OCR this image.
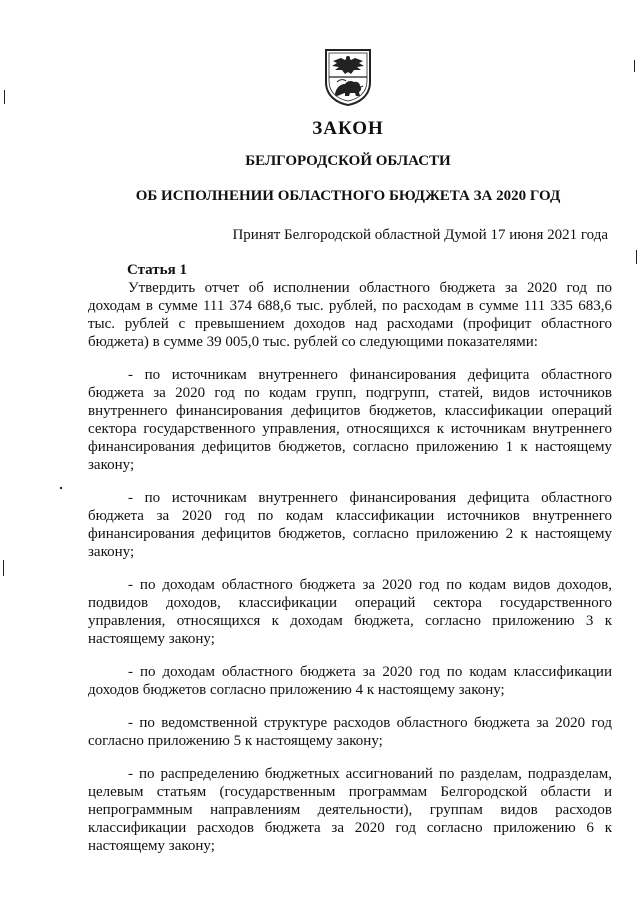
ЗАКОН
БЕЛГОРОДСКОЙ ОБЛАСТИ
ОБ ИСПОЛНЕНИИ ОБЛАСТНОГО БЮДЖЕТА ЗА 2020 ГОД
Принят Белгородской областной Думой 17 июня 2021 года
Статья 1

Утвердить отчет об исполнении областного бюджета за 2020 год по доходам в сумме 111 374 688,6 тыс. рублей, по расходам в сумме 111 335 683,6 тыс. рублей с превышением доходов над расходами (профицит областного бюджета) в сумме 39 005,0 тыс. рублей со следующими показателями:

- по источникам внутреннего финансирования дефицита областного бюджета за 2020 год по кодам групп, подгрупп, статей, видов источников внутреннего финансирования дефицитов бюджетов, классификации операций сектора государственного управления, относящихся к источникам внутреннего финансирования дефицитов бюджетов, согласно приложению 1 к настоящему закону;

- по источникам внутреннего финансирования дефицита областного бюджета за 2020 год по кодам классификации источников внутреннего финансирования дефицитов бюджетов, согласно приложению 2 к настоящему закону;

- по доходам областного бюджета за 2020 год по кодам видов доходов, подвидов доходов, классификации операций сектора государственного управления, относящихся к доходам бюджета, согласно приложению 3 к настоящему закону;

- по доходам областного бюджета за 2020 год по кодам классификации доходов бюджетов согласно приложению 4 к настоящему закону;

- по ведомственной структуре расходов областного бюджета за 2020 год согласно приложению 5 к настоящему закону;

- по распределению бюджетных ассигнований по разделам, подразделам, целевым статьям (государственным программам Белгородской области и непрограммным направлениям деятельности), группам видов расходов классификации расходов бюджета за 2020 год согласно приложению 6 к настоящему закону;
